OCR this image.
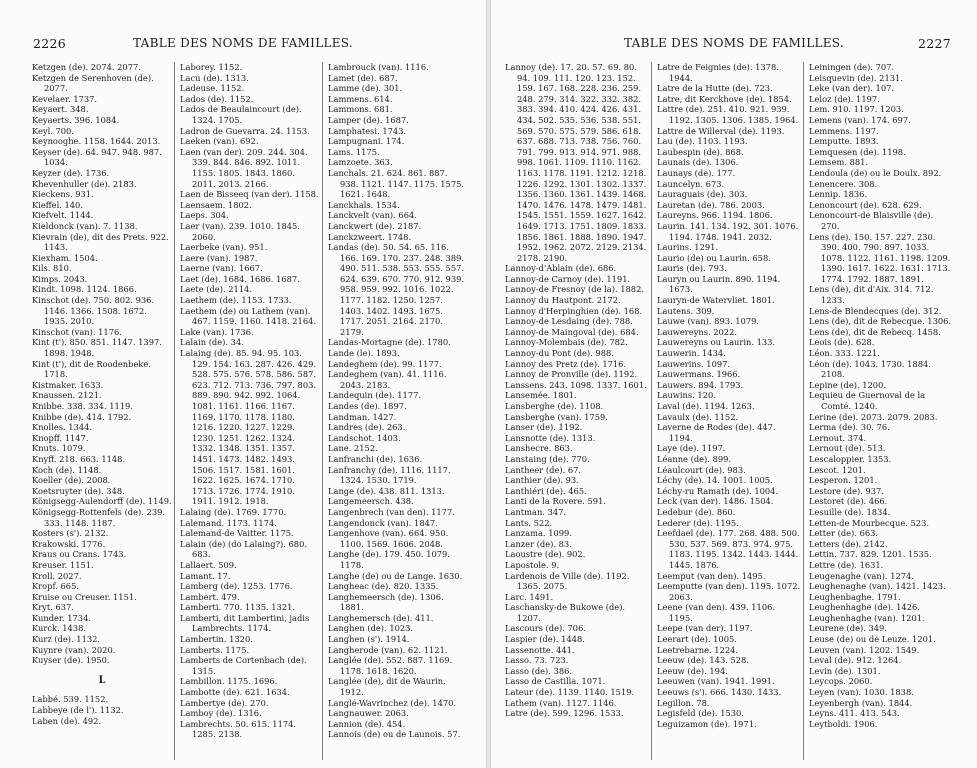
2226	TABLE DES NOMS DE FAMILLES.
Ketzgen (de). 2074. 2077.
Ketzgen de Serenhoven (de). 2077.
Kevelaer. 1737.
Keyaert. 348.
Keyaerts. 396. 1084.
Keyl. 700.
Keynooghe. 1158. 1644. 2013.
Keyser (de). 64. 947. 948. 987. 1034.
Keyzer (de). 1736.
Khevenhuller (de). 2183.
Kieckens. 931.
Kieffel. 140.
Kiefvelt. 1144.
Kieldonck (van). 7. 1138.
Kievrain (de), dit des Prets. 922. 1143.
Kiexham. 1504.
Kils. 810.
Kimps. 2043.
Kindt. 1098. 1124. 1866.
Kinschot (de). 750. 802. 936. 1146. 1366. 1508. 1672. 1935. 2010.
Kinschot (van). 1176.
Kint (t'). 850. 851. 1147. 1397. 1898. 1948.
Kint (t'), dit de Roodenbeke. 1718.
Kistmaker. 1633.
Knaussen. 2121.
Knibbe. 338. 334. 1119.
Knibbe (de). 414. 1792.
Knolles. 1344.
Knopff. 1147.
Knuts. 1079.
Knyff. 218. 663. 1148.
Koch (de). 1148.
Koeller (de). 2008.
Koetsruyter (de). 348.
Königsegg-Aulendorff (de). 1149.
Königsegg-Rottenfels (de). 239. 333. 1148. 1187.
Kosters (s'). 2132.
Krakowski. 1776.
Kraus ou Crans. 1743.
Kreuser. 1151.
Kroll. 2027.
Kropf. 665.
Kruise ou Creuser. 1151.
Kryt. 637.
Kunder. 1734.
Kurck. 1438.
Kurz (de). 1132.
Kuynre (van). 2020.
Kuyser (de). 1950.
L
Labbé. 539. 1152.
Labbeye (de l'). 1132.
Laben (de). 492.
Laborey. 1152.
Lacu (de). 1313.
Ladeuse. 1152.
Lados (de). 1152.
Lados de Beaulaincourt (de). 1324. 1705.
Ladron de Guevarra. 24. 1153.
Laeken (van). 692.
Laen (van der). 209. 244. 304. 339. 844. 846. 892. 1011. 1155. 1805. 1843. 1860. 2011. 2013. 2166.
Laen de Bisseeq (van der). 1158.
Laensaem. 1802.
Laeps. 304.
Laer (van). 239. 1010. 1845. 2060.
Laerbeke (van). 951.
Laere (van). 1987.
Laerne (van). 1667.
Laet (de). 1684. 1686. 1687.
Laete (de). 2114.
Laethem (de). 1153. 1733.
Laethem (de) ou Lathem (van). 467. 1159. 1160. 1418. 2164.
Lake (van). 1736.
Lalain (de). 34.
Lalaing (de). 85. 94. 95. 103. 129. 154. 163. 287. 426. 429. 528. 575. 576. 578. 586. 587. 623. 712. 713. 736. 797. 803. 889. 890. 942. 992. 1064. 1081. 1161. 1166. 1167. 1169. 1170. 1178. 1180. 1216. 1220. 1227. 1229. 1230. 1251. 1262. 1324. 1332. 1348. 1351. 1357. 1451. 1473. 1482. 1493. 1506. 1517. 1581. 1601. 1622. 1625. 1674. 1710. 1713. 1726. 1774. 1910. 1911. 1912. 1918.
Lalaing (de). 1769. 1770.
Lalemand. 1173. 1174.
Lalemand-de Vaitter. 1175.
Lalain (de) (do Lalaing?). 680. 683.
Lallaert. 509.
Lamant. 17.
Lamberg (de). 1253. 1776.
Lambert. 479.
Lamberti. 770. 1135. 1321.
Lamberti, dit Lambertini, jadis Lambrechts. 1174.
Lambertin. 1320.
Lamberts. 1175.
Lamberts de Cortenbach (de). 1315.
Lambillon. 1175. 1696.
Lambotte (de). 621. 1634.
Lambertye (de). 270.
Lamboy (de). 1316.
Lambrechts. 50. 615. 1174. 1285. 2138.
Lambrouck (van). 1116.
Lamet (de). 687.
Lamme (de). 301.
Lammens. 614.
Lammons. 681.
Lamper (de). 1687.
Lamphatesi. 1743.
Lampugnani. 174.
Lams. 1175.
Lamzoete. 363.
Lanchals. 21. 624. 861. 887. 938. 1121. 1147. 1175. 1575. 1621. 1648.
Lanckhals. 1534.
Lanckvelt (van). 664.
Lanckwert (de). 2187.
Lanckzweert. 1748.
Landas (de). 50. 54. 65. 116. 166. 169. 170. 237. 248. 389. 490. 511. 538. 553. 555. 557. 624. 639. 670. 770. 912. 939. 958. 959. 992. 1016. 1022. 1177. 1182. 1250. 1257. 1403. 1402. 1493. 1675. 1717. 2051. 2164. 2170. 2179.
Landas-Mortagne (de). 1780.
Lande (le). 1893.
Landeghem (de). 99. 1177.
Landeghem (van). 41. 1116. 2043. 2183.
Landequin (de). 1177.
Landes (de). 1897.
Landman. 1427.
Landres (de). 263.
Landschot. 1403.
Lane. 2152.
Lanfranchi (de). 1636.
Lanfranchy (de). 1116. 1117. 1324. 1530. 1719.
Lange (de). 438. 811. 1313.
Langemeersch. 438.
Langenbrech (van den). 1177.
Langendonck (van). 1847.
Langenhove (van). 664. 950. 1100. 1569. 1606. 2048.
Langhe (de). 179. 450. 1079. 1178.
Langhe (de) ou de Lange. 1630.
Langheac (de). 820. 1335.
Langhemeersch (de). 1306. 1881.
Langhemersch (de). 411.
Langhen (de). 1023.
Langhen (s'). 1914.
Langherode (van). 62. 1121.
Langlée (de). 552. 887. 1169. 1178. 1618. 1620.
Langlée (de), dit de Waurin. 1912.
Langlé-Wavrinchez (de). 1470.
Langnauwer. 2063.
Lannion (de). 454.
Lannois (de) ou de Launois. 57.
TABLE DES NOMS DE FAMILLES.	2227
Lannoy (de). 17. 20. 57. 69. 80. 94. 109. 111. 120. 123. 152. 159. 167. 168. 228. 236. 259. 248. 279. 314. 322. 332. 382. 383. 394. 410. 424. 426. 431. 434. 502. 535. 536. 538. 551. 569. 570. 575. 579. 586. 618. 637. 688. 713. 738. 756. 760. 791. 799. 913. 914. 971. 988. 998. 1061. 1109. 1110. 1162. 1163. 1178. 1191. 1212. 1218. 1226. 1292. 1301. 1302. 1337. 1356. 1360. 1361. 1439. 1468. 1470. 1476. 1478. 1479. 1481. 1545. 1551. 1559. 1627. 1642. 1649. 1713. 1751. 1809. 1833. 1856. 1861. 1888. 1890. 1947. 1952. 1962. 2072. 2129. 2134. 2178. 2190.
Lannoy-d'Ablain (de). 686.
Lannoy-de Carnoy (de). 1191.
Lannoy-de Fresnoy (de la). 1882.
Lannoy du Hautpont. 2172.
Lannoy d'Herpinghien (de). 168.
Lannoy-de Lesdaing (de). 788.
Lannoy-de Maingoval (de). 684.
Lannoy-Molembais (de). 782.
Lannoy-du Pont (de). 988.
Lannoy des Pretz (de). 1716.
Lannoy de Pronville (de). 1192.
Lanssens. 243. 1098. 1337. 1601.
Lansemée. 1801.
Lansberghe (de). 1108.
Lansberghe (van). 1759.
Lanser (de). 1192.
Lansnotte (de). 1313.
Lanshecre. 863.
Lanstaing (de). 770.
Lantheer (de). 67.
Lanthier (de). 93.
Lanthiéri (de). 465.
Lanti de la Rovere. 591.
Lantman. 347.
Lants. 522.
Lanzama. 1099.
Lanzer (de). 83.
Laoustre (de). 902.
Lapostole. 9.
Lardenois de Ville (de). 1192. 1365. 2075.
Larc. 1491.
Laschansky-de Bukowe (de). 1207.
Lascours (de). 706.
Laspier (de). 1448.
Lassenotte. 441.
Lasso. 73. 723.
Lasso (de). 386.
Lasso de Castilla. 1071.
Lateur (de). 1139. 1140. 1519.
Lathem (van). 1127. 1146.
Latre (de). 599. 1296. 1533.
Latre de Feignies (de). 1378. 1944.
Latre de la Hutte (de). 723.
Latre, dit Kerckhove (de). 1854.
Lattre (de). 251. 410. 921. 939. 1192. 1305. 1306. 1385. 1964.
Lattre de Willerval (de). 1193.
Lau (de). 1103. 1193.
Laubespin (de). 868.
Launais (de). 1306.
Launays (de). 177.
Launcelyn. 673.
Lauraguais (de). 303.
Lauretan (de). 786. 2003.
Laureyns. 966. 1194. 1806.
Laurin. 141. 134. 192. 301. 1076. 1194. 1748. 1941. 2032.
Laurins. 1291.
Laurio (de) ou Laurin. 658.
Lauris (de). 793.
Lauryn ou Laurin. 890. 1194. 1673.
Lauryn-de Watervliet. 1801.
Lautens. 309.
Lauwe (van). 893. 1079.
Lauwereyns. 2022.
Lauwereyns ou Laurin. 133.
Lauwerin. 1434.
Lauwerins. 1097.
Lauwermans. 1966.
Lauwers. 894. 1793.
Lauwins. 120.
Laval (de). 1194. 1263.
Lavaulx (de). 1152.
Laverne de Rodes (de). 447. 1194.
Laye (de). 1197.
Léanne (de). 899.
Léaulcourt (de). 983.
Léchy (de). 14. 1001. 1005.
Léchy-ru Ramath (de). 1004.
Leck (van der). 1486. 1504.
Ledebur (de). 860.
Lederer (de). 1195.
Leefdael (de). 177. 268. 488. 500. 530. 537. 569. 873. 974. 975. 1183. 1195. 1342. 1443. 1444. 1445. 1876.
Leemput (van den). 1495.
Leemputte (van den). 1195. 1072. 2063.
Leene (van den). 439. 1106. 1195.
Leepe (van der). 1197.
Leerart (de). 1005.
Leetrebarne. 1224.
Leeuw (de). 143. 528.
Leeuw (de). 194.
Leeuwen (van). 1941. 1991.
Leeuws (s'). 666. 1430. 1433.
Legillon. 78.
Legisfeld (de). 1530.
Leguizamon (de). 1971.
Leiningen (de). 707.
Leisquevin (de). 2131.
Leke (van der). 107.
Leloz (de). 1197.
Lem. 910. 1197. 1203.
Lemens (van). 174. 697.
Lemmens. 1197.
Lemputte. 1893.
Lemquesen (de). 1198.
Lemsem. 881.
Lendoula (de) ou le Doulx. 892.
Lenencere. 308.
Lennip. 1836.
Lenoncourt (de). 628. 629.
Lenoncourt-de Blaisville (de). 270.
Lens (de). 150. 157. 227. 230. 390. 400. 790. 897. 1033. 1078. 1122. 1161. 1198. 1209. 1390. 1617. 1622. 1631. 1713. 1774. 1792. 1887. 1891.
Lens (de), dit d'Aix. 314. 712. 1233.
Lens-de Blendecques (de). 312.
Lens (de), dit de Rebecque. 1306.
Lens (de), dit de Rebecq. 1458.
Leois (de). 628.
Léon. 333. 1221.
Léon (de). 1043. 1730. 1884. 2108.
Lepine (de). 1200.
Lequieu de Guernoval de la Comté. 1240.
Lerine (de). 2073. 2079. 2083.
Lerma (de). 30. 76.
Lernout. 374.
Lernout (de). 513.
Lescaloppier. 1353.
Lescot. 1201.
Lesperon. 1201.
Lestore (de). 937.
Lestoret (de). 466.
Lesuille (de). 1834.
Letten-de Mourbecque. 523.
Letter (de). 663.
Letters (de). 2142.
Lettin. 737. 829. 1201. 1535.
Lettre (de). 1631.
Leugenaghe (van). 1274.
Leughenaghe (van). 1421. 1423.
Leughenbaghe. 1791.
Leughenhaghe (de). 1426.
Leughenhaghe (van). 1201.
Leurene (de). 349.
Leuse (de) ou de Leuze. 1201.
Leuven (van). 1202. 1549.
Leval (de). 912. 1264.
Levin (de). 1301.
Leycops. 2060.
Leyen (van). 1030. 1838.
Leyenbergh (van). 1844.
Leyns. 411. 413. 543.
Leytboldi. 1906.
